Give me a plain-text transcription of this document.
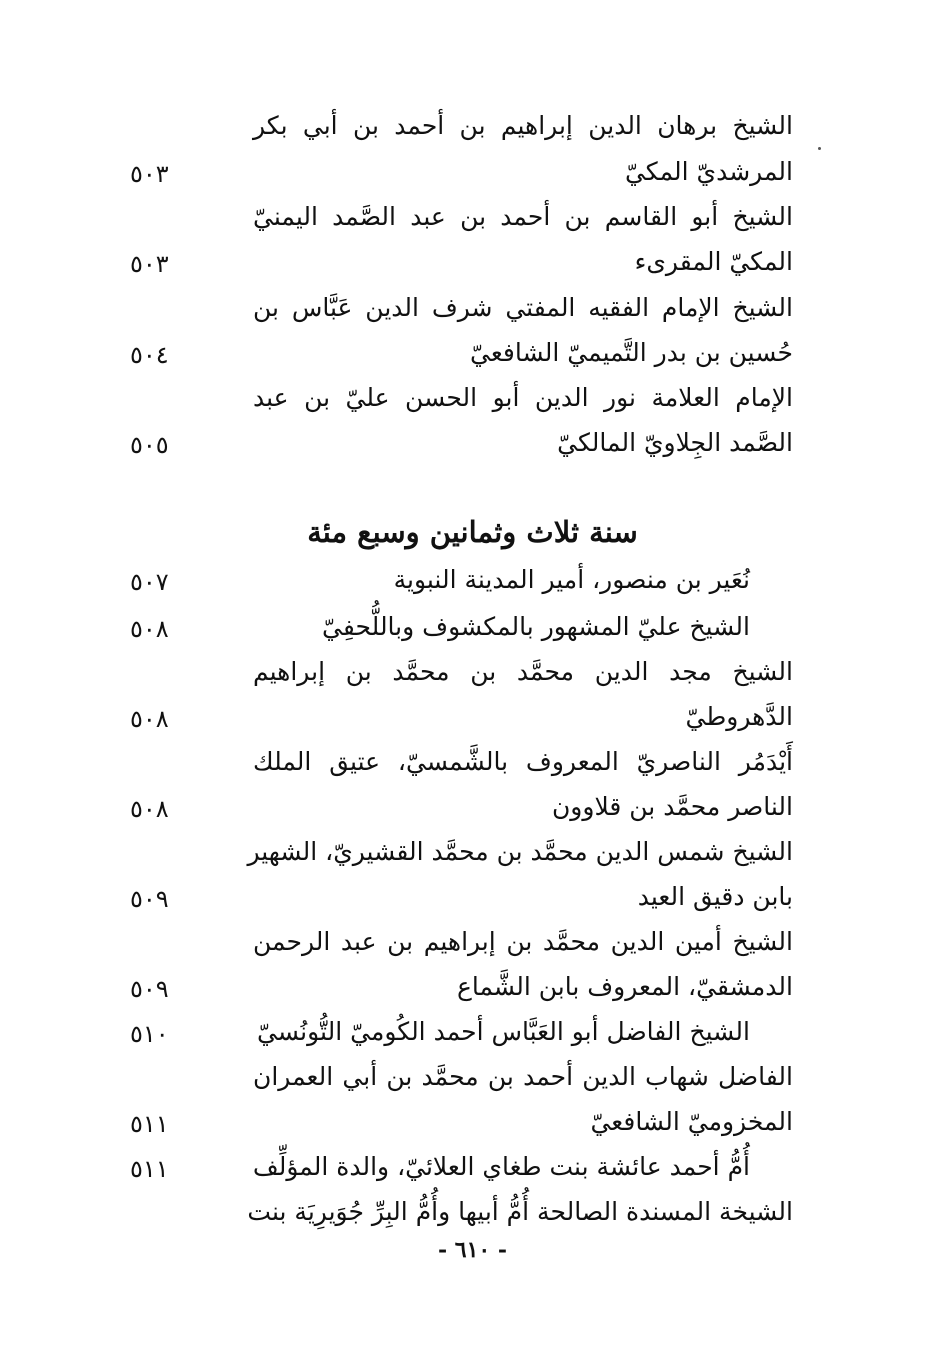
الشيخ برهان الدين إبراهيم بن أحمد بن أبي بكر
المرشديّ المكيّ
٥٠٣
الشيخ أبو القاسم بن أحمد بن عبد الصَّمد اليمنيّ
المكيّ المقرىء
٥٠٣
الشيخ الإمام الفقيه المفتي شرف الدين عَبَّاس بن
حُسين بن بدر التَّميميّ الشافعيّ
٥٠٤
الإمام العلامة نور الدين أبو الحسن عليّ بن عبد
الصَّمد الجِلاويّ المالكيّ
٥٠٥
سنة ثلاث وثمانين وسبع مئة
نُعَير بن منصور، أمير المدينة النبوية
٥٠٧
الشيخ عليّ المشهور بالمكشوف وباللُّحفِيّ
٥٠٨
الشيخ مجد الدين محمَّد بن محمَّد بن إبراهيم
الدَّهروطيّ
٥٠٨
أَيْدَمُر الناصريّ المعروف بالشَّمسيّ، عتيق الملك
الناصر محمَّد بن قلاوون
٥٠٨
الشيخ شمس الدين محمَّد بن محمَّد القشيريّ، الشهير
بابن دقيق العيد
٥٠٩
الشيخ أمين الدين محمَّد بن إبراهيم بن عبد الرحمن
الدمشقيّ، المعروف بابن الشَّماع
٥٠٩
الشيخ الفاضل أبو العَبَّاس أحمد الكُوميّ التُّونُسيّ
٥١٠
الفاضل شهاب الدين أحمد بن محمَّد بن أبي العمران
المخزوميّ الشافعيّ
٥١١
أُمُّ أحمد عائشة بنت طغاي العلائيّ، والدة المؤلِّف
٥١١
الشيخة المسندة الصالحة أُمُّ أبيها وأُمُّ البِرِّ جُوَيرِيَة بنت
- ٦١٠ -
